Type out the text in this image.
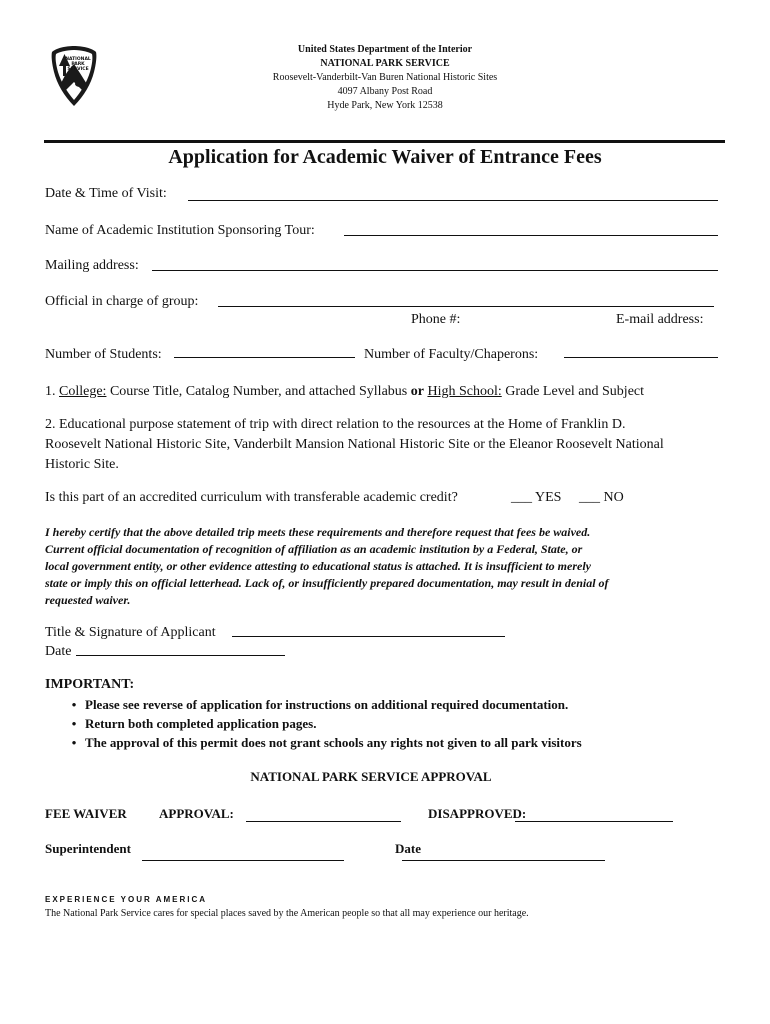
NATIONAL
PARK
SERVICE
United States Department of the Interior
NATIONAL PARK SERVICE
Roosevelt-Vanderbilt-Van Buren National Historic Sites
4097 Albany Post Road
Hyde Park, New York 12538
Application for Academic Waiver of Entrance Fees
Date & Time of Visit:
Name of Academic Institution Sponsoring Tour:
Mailing address:
Official in charge of group:
Phone #:	E-mail address:
Number of Students:	Number of Faculty/Chaperons:
1. College: Course Title, Catalog Number, and attached Syllabus or High School: Grade Level and Subject
2. Educational purpose statement of trip with direct relation to the resources at the Home of Franklin D.
Roosevelt National Historic Site, Vanderbilt Mansion National Historic Site or the Eleanor Roosevelt National
Historic Site.
Is this part of an accredited curriculum with transferable academic credit?	___ YES ___ NO
I hereby certify that the above detailed trip meets these requirements and therefore request that fees be waived.
Current official documentation of recognition of affiliation as an academic institution by a Federal, State, or
local government entity, or other evidence attesting to educational status is attached. It is insufficient to merely
state or imply this on official letterhead. Lack of, or insufficiently prepared documentation, may result in denial of
requested waiver.
Title & Signature of Applicant
Date
IMPORTANT:
• Please see reverse of application for instructions on additional required documentation.
• Return both completed application pages.
• The approval of this permit does not grant schools any rights not given to all park visitors
NATIONAL PARK SERVICE APPROVAL
FEE WAIVER APPROVAL:	DISAPPROVED:
Superintendent	Date
EXPERIENCE YOUR AMERICA
The National Park Service cares for special places saved by the American people so that all may experience our heritage.
